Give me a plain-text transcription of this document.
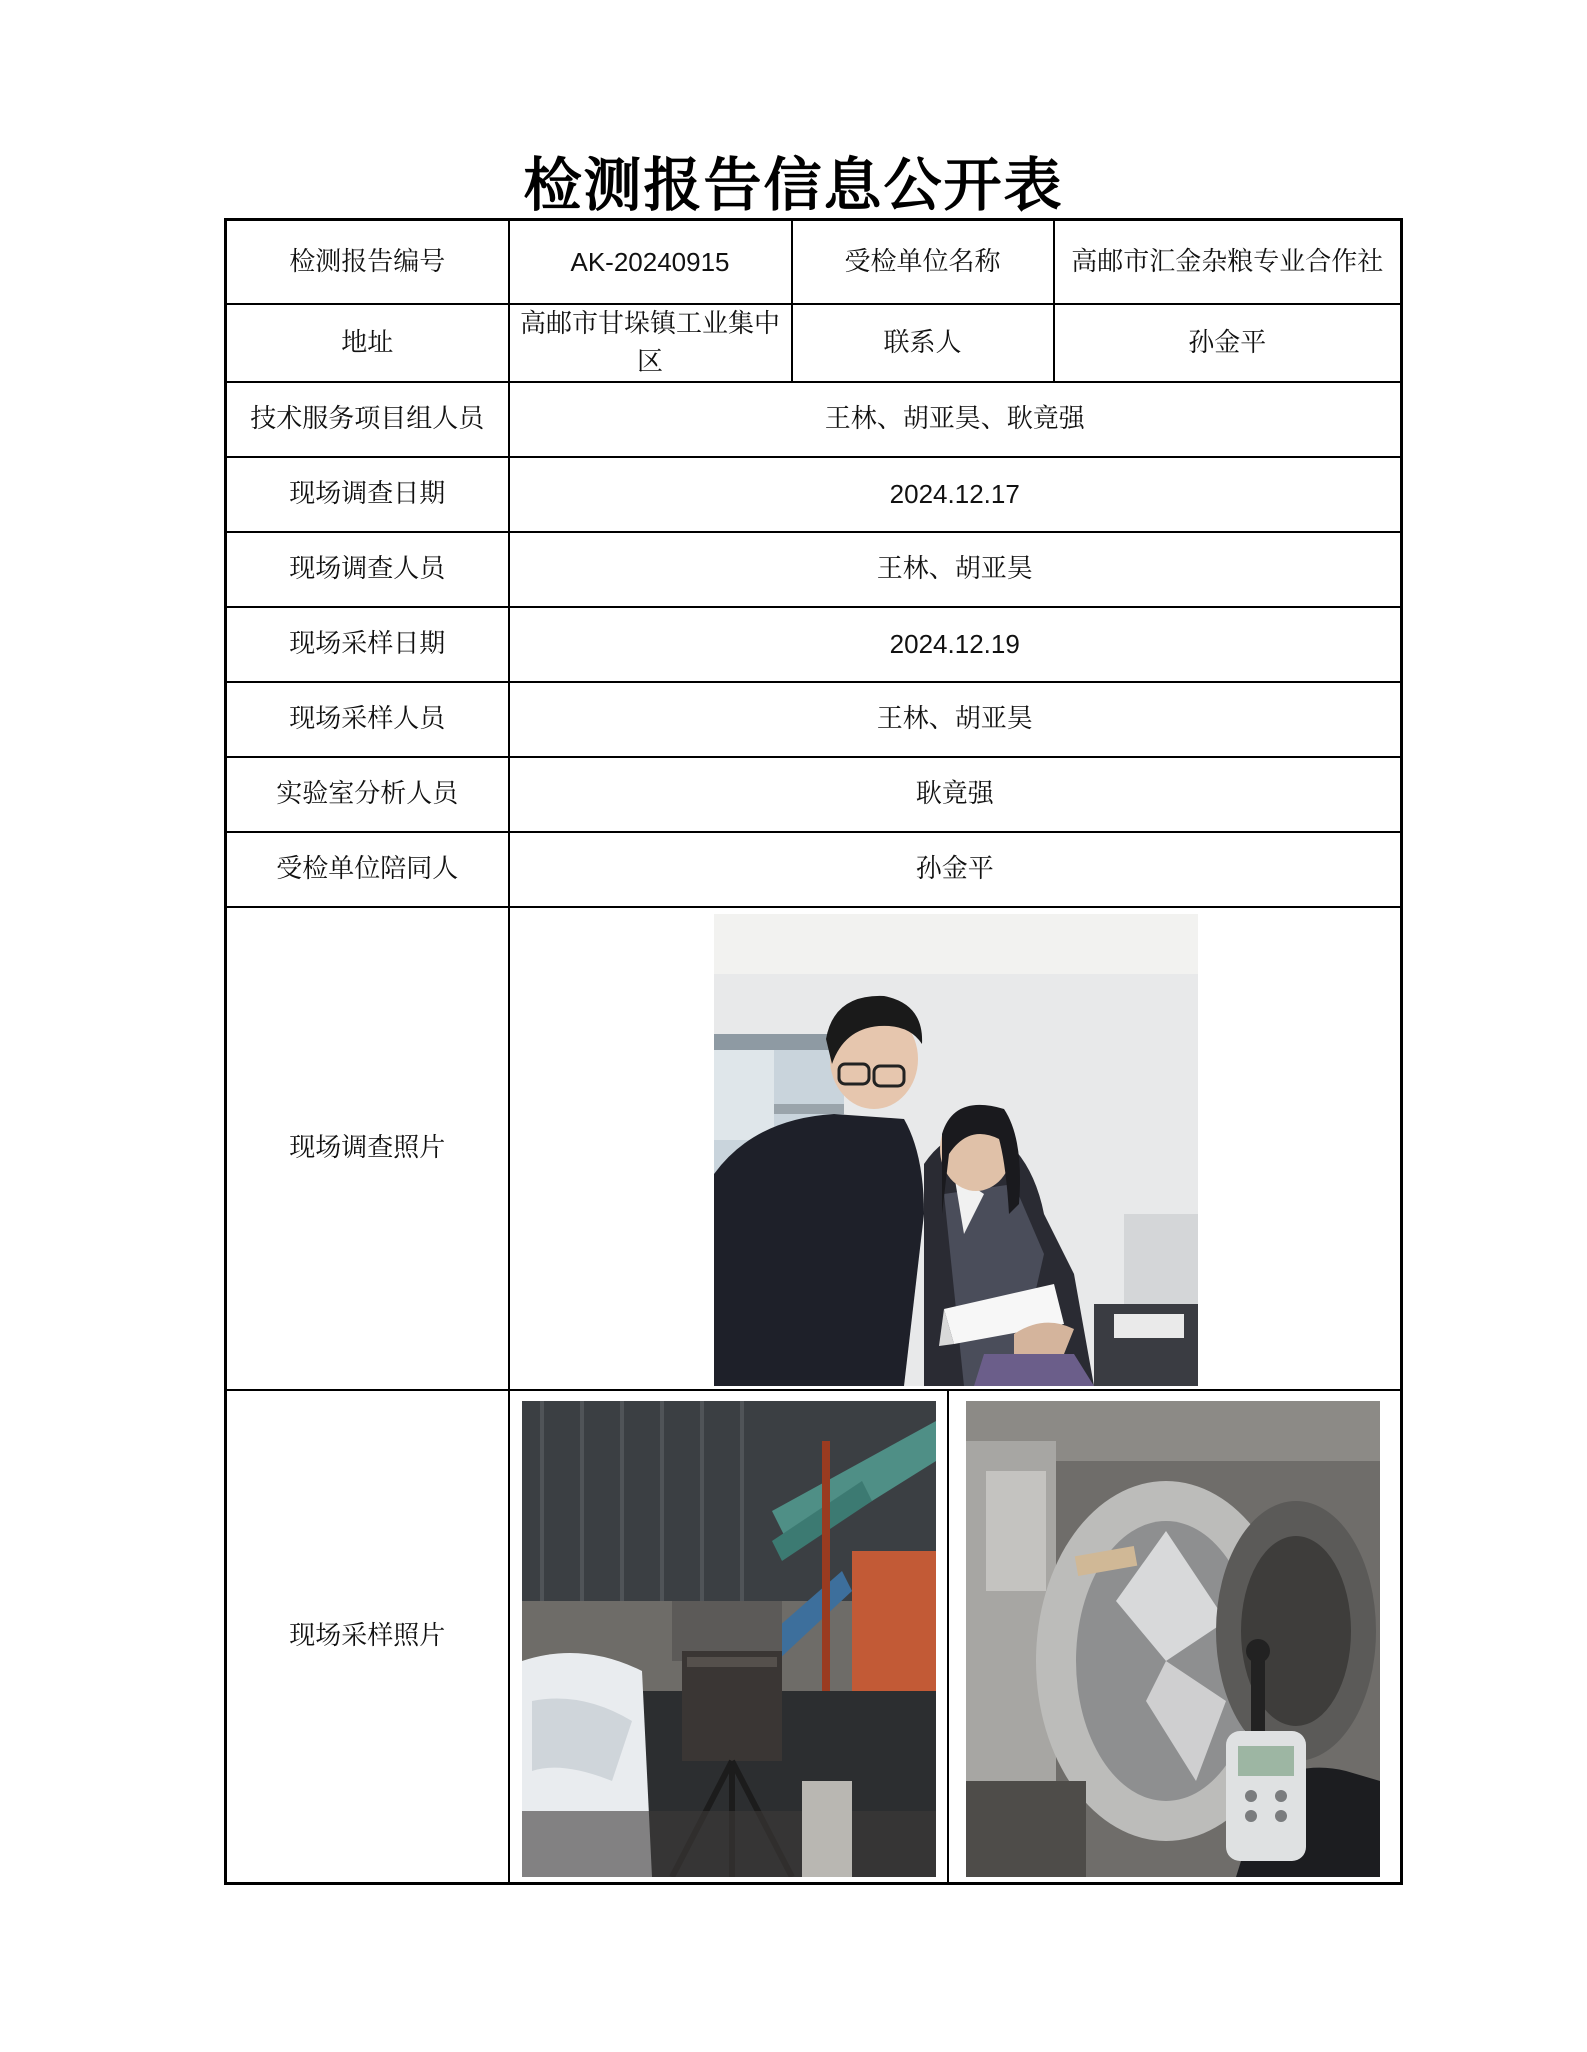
检测报告信息公开表
检测报告编号	AK-20240915	受检单位名称	高邮市汇金杂粮专业合作社
地址	高邮市甘垛镇工业集中区	联系人	孙金平
技术服务项目组人员	王林、胡亚昊、耿竟强		
现场调查日期	2024.12.17		
现场调查人员	王林、胡亚昊		
现场采样日期	2024.12.19		
现场采样人员	王林、胡亚昊		
实验室分析人员	耿竟强		
受检单位陪同人	孙金平		
现场调查照片	

现场采样照片	
